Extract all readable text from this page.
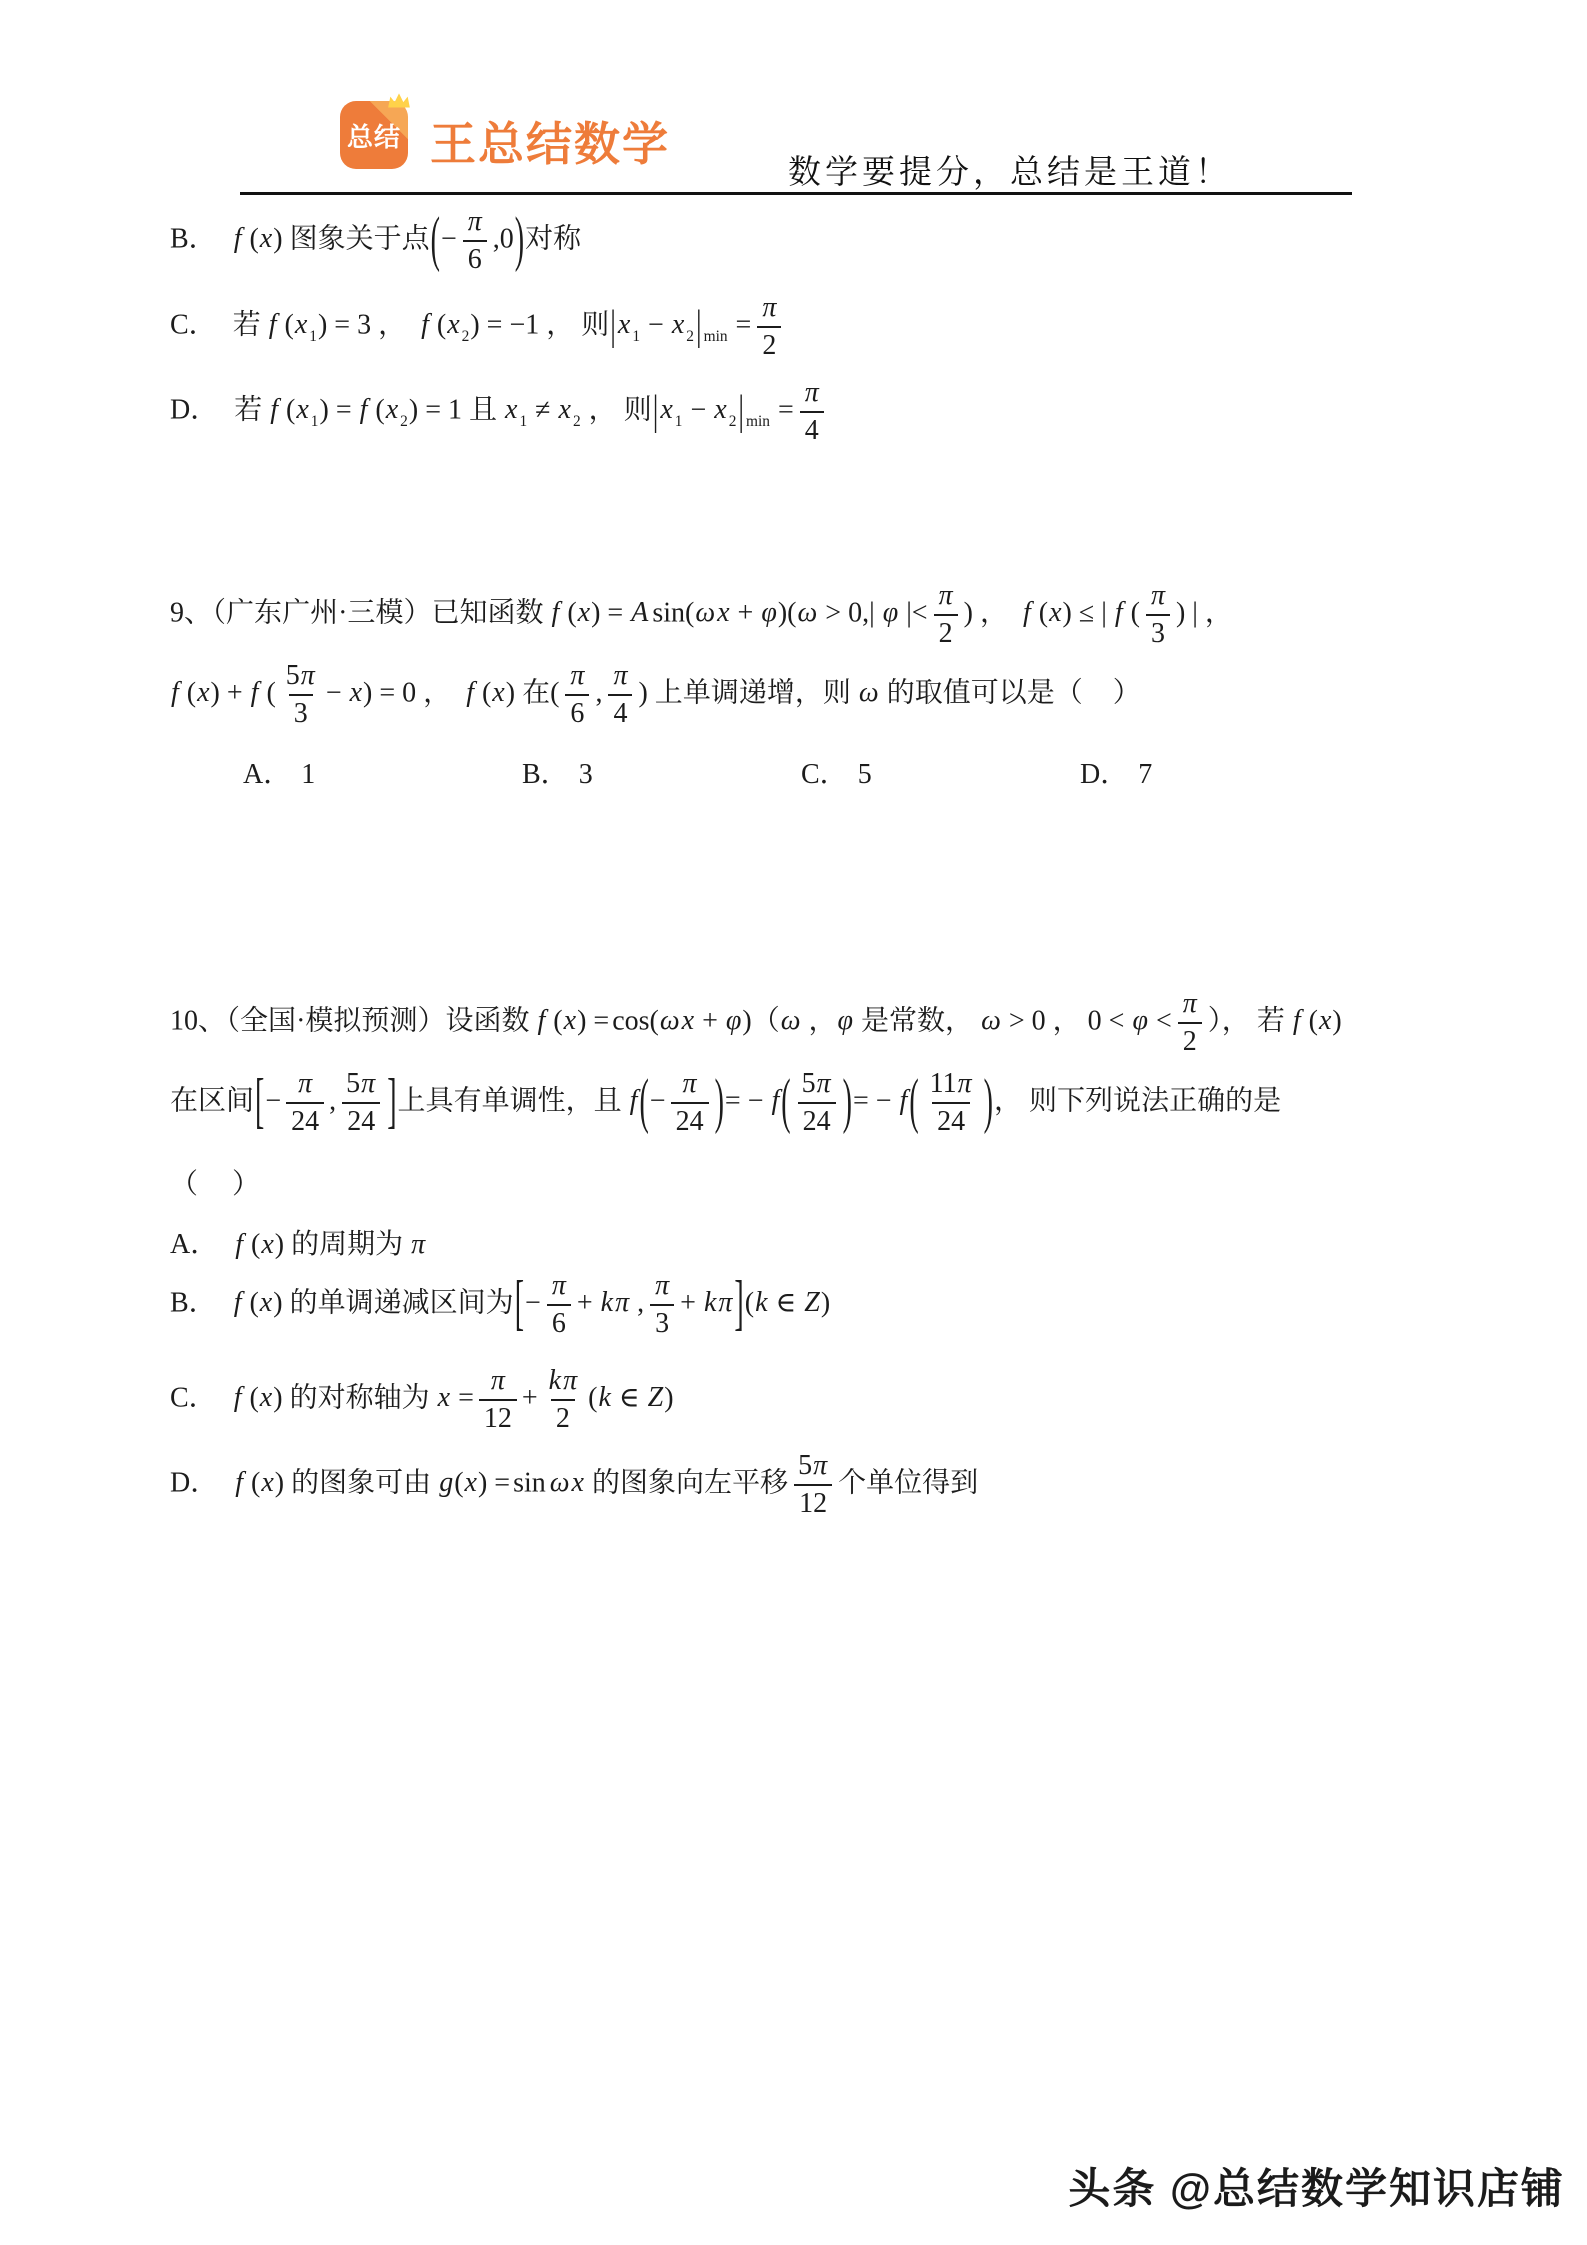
总结 王总结数学
数学要提分，总结是王道！
B． f (x) 图象关于点(− $\frac{\pi}{6} ,0$)对称
C． 若 f (x $_1$) = 3 ， f (x $_2$) = −1 ， 则|x $_1$ − x $_2$| $_{min} = \frac{\pi}{2}$
D． 若 f (x $_1$) = f (x $_2$) = 1 且 x $_1$ ≠ x $_2$ ， 则|x $_1$ − x $_2$| $_{min} = \frac{\pi}{4}$
9、（广东广州·三模）已知函数 f (x) = A sin(ωx + φ)(ω > 0,| φ |< $\frac{\pi}{2}$ ) ， f (x) ≤ | f ( $\frac{\pi}{3}$ ) | ，
f (x) + f ( $\frac{5\pi}{3} - x) = 0$ ， f (x) 在( $\frac{\pi}{6}$ , $\frac{\pi}{4}$ ) 上单调递增，则 ω 的取值可以是（ ）
A． 1	B． 3	C． 5	D． 7
10、（全国·模拟预测）设函数 f (x) = cos(ωx + φ)（ω ，φ 是常数， ω > 0 ， $0 < \varphi < \frac{\pi}{2}$ ）， 若 f (x)
在区间[− $\frac{\pi}{24}$ , $\frac{5\pi}{24}$ ]上具有单调性，且 $f(- \frac{\pi}{24}$ )= − $f( \frac{5\pi}{24}$ )= − $f( \frac{11\pi}{24}$ )， 则下列说法正确的是
（ ）
A． f (x) 的周期为 π
B． f (x) 的单调递减区间为[− $\frac{\pi}{6} + k\pi$ , $\frac{\pi}{3} + k\pi](k$ ∈ Z)
C． f (x) 的对称轴为 $x = \frac{\pi}{12} + \frac{k\pi}{2} (k$ ∈ Z)
D． f (x) 的图象可由 g(x) = sin ωx 的图象向左平移 $\frac{5\pi}{12}$ 个单位得到
头条 @总结数学知识店铺
